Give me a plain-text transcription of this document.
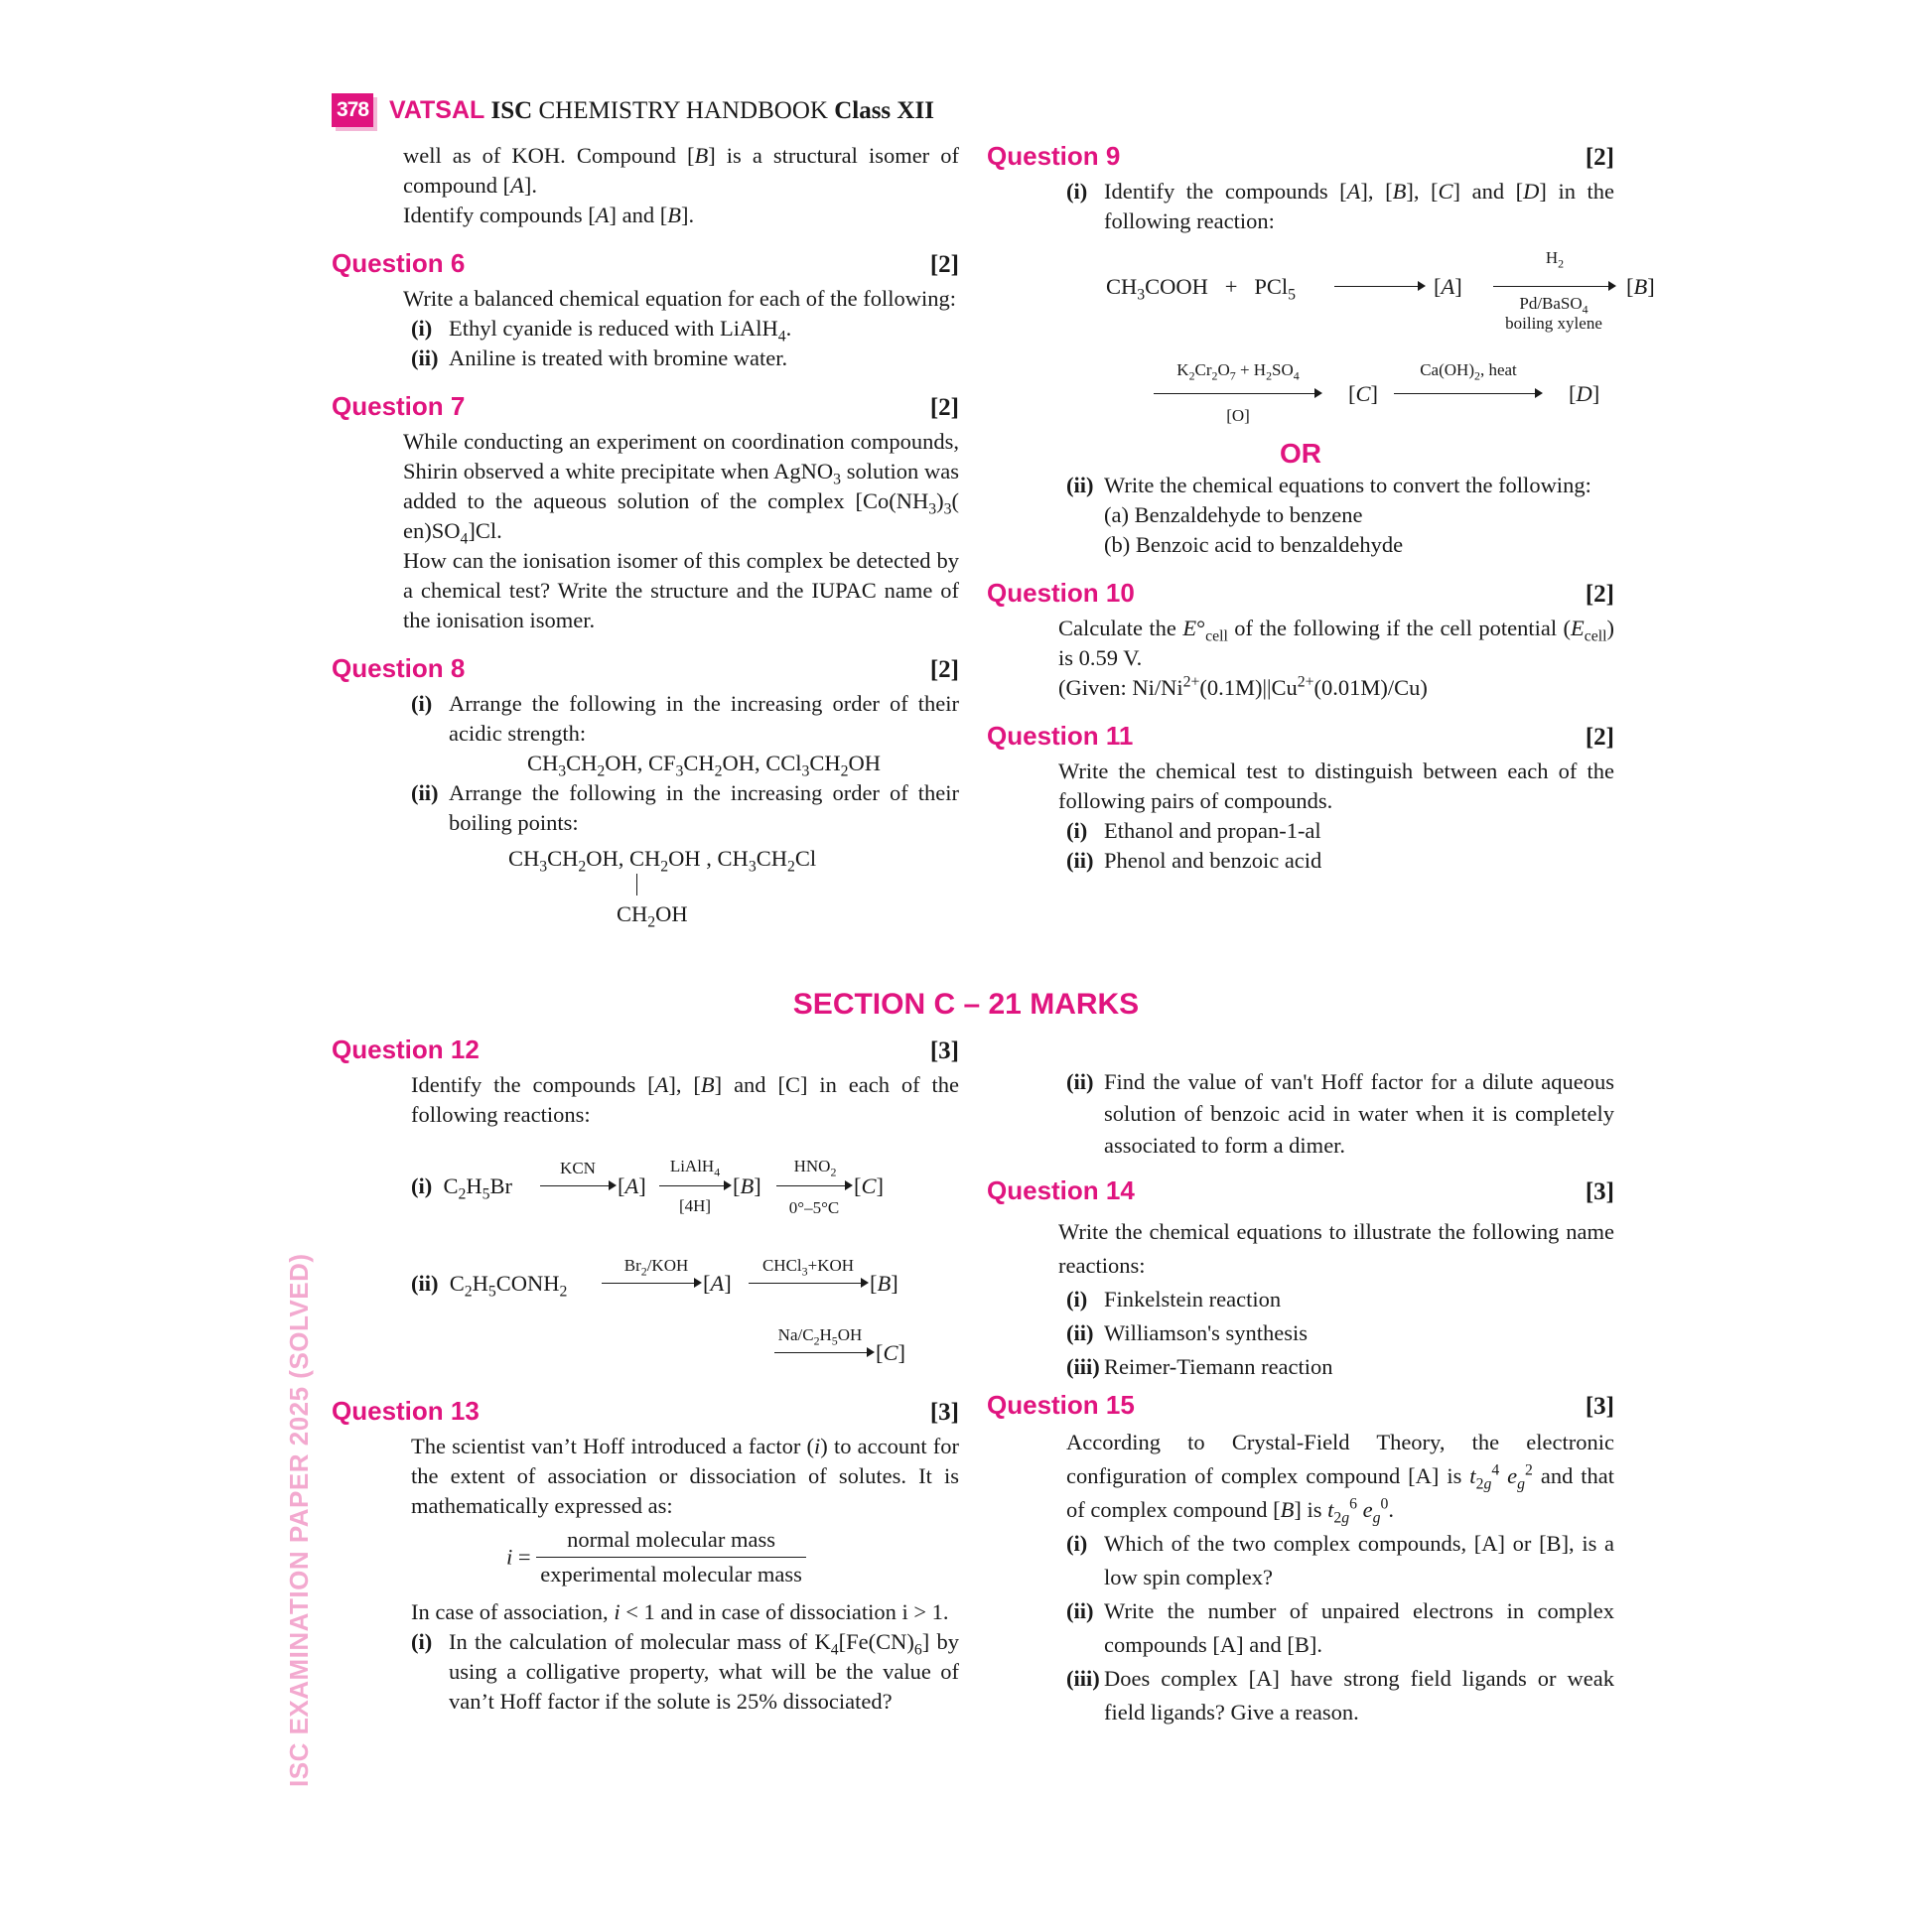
378 VATSAL ISC CHEMISTRY HANDBOOK Class XII
ISC EXAMINATION PAPER 2025 (SOLVED)
well as of KOH. Compound [B] is a structural isomer of compound [A].
Identify compounds [A] and [B].
Question 6	[2]
Write a balanced chemical equation for each of the following:
(i) Ethyl cyanide is reduced with LiAlH$_4$.
(ii) Aniline is treated with bromine water.
Question 7	[2]
While conducting an experiment on coordination compounds, Shirin observed a white precipitate when AgNO$_3$ solution was added to the aqueous solution of the complex [$Co(NH_3)_3$( $en)SO_4]Cl$.
How can the ionisation isomer of this complex be detected by a chemical test? Write the structure and the IUPAC name of the ionisation isomer.
Question 8	[2]
(i) Arrange the following in the increasing order of their acidic strength:
$CH_3CH_2OH$, $CF_3CH_2OH$, $CCl_3CH_2OH$
(ii) Arrange the following in the increasing order of their boiling points:
$CH_3CH_2OH$, $CH_2OH$ , $CH_3CH_2Cl$
$CH_2OH$
Question 9	[2]
(i) Identify the compounds [A], [B], [C] and [D] in the following reaction:
$CH_3COOH + PCl_5$	[A]
$H_2$
Pd/BaSO$_4$
boiling xylene
[B]
$K_2Cr_2O_7 + H_2SO_4$
[O]
[C]
$Ca(OH)_2$, heat
[D]
OR
(ii) Write the chemical equations to convert the following:
(a) Benzaldehyde to benzene
(b) Benzoic acid to benzaldehyde
Question 10	[2]
Calculate the $E^\circ_{cell}$ of the following if the cell potential $(E_{cell})$ is 0.59 V.
(Given: $Ni/Ni^{2+}(0.1M)||Cu^{2+}(0.01M)/Cu$)
Question 11	[2]
Write the chemical test to distinguish between each of the following pairs of compounds.
(i) Ethanol and propan-1-al
(ii) Phenol and benzoic acid
SECTION C – 21 MARKS
Question 12	[3]
Identify the compounds [A], [B] and [C] in each of the following reactions:
(i)  $C_2H_5Br$
KCN
[A]
LiAlH$_4$
[4H]
[B]
$HNO_2$
0°–5°C
[C]
(ii)  $C_2H_5CONH_2$
$Br_2$/KOH
[A]
CHCl$_3$+KOH
[B]
$Na/C_2H_5OH$
[C]
Question 13	[3]
The scientist van’t Hoff introduced a factor (i) to account for the extent of association or dissociation of solutes. It is mathematically expressed as:
$i = \frac{\text{normal molecular mass}}{\text{experimental molecular mass}}$
In case of association, i < 1 and in case of dissociation i > 1.
(i) In the calculation of molecular mass of $K_4[Fe(CN)_6]$ by using a colligative property, what will be the value of van’t Hoff factor if the solute is 25% dissociated?
(ii) Find the value of van't Hoff factor for a dilute aqueous solution of benzoic acid in water when it is completely associated to form a dimer.
Question 14	[3]
Write the chemical equations to illustrate the following name reactions:
(i) Finkelstein reaction
(ii) Williamson's synthesis
(iii) Reimer-Tiemann reaction
Question 15	[3]
According to Crystal-Field Theory, the electronic configuration of complex compound [A] is $t_{2g}^4$ $e_g^2$ and that of complex compound [B] is $t_{2g}^6$ $e_g^0$.
(i) Which of the two complex compounds, [A] or [B], is a low spin complex?
(ii) Write the number of unpaired electrons in complex compounds [A] and [B].
(iii) Does complex [A] have strong field ligands or weak field ligands? Give a reason.
